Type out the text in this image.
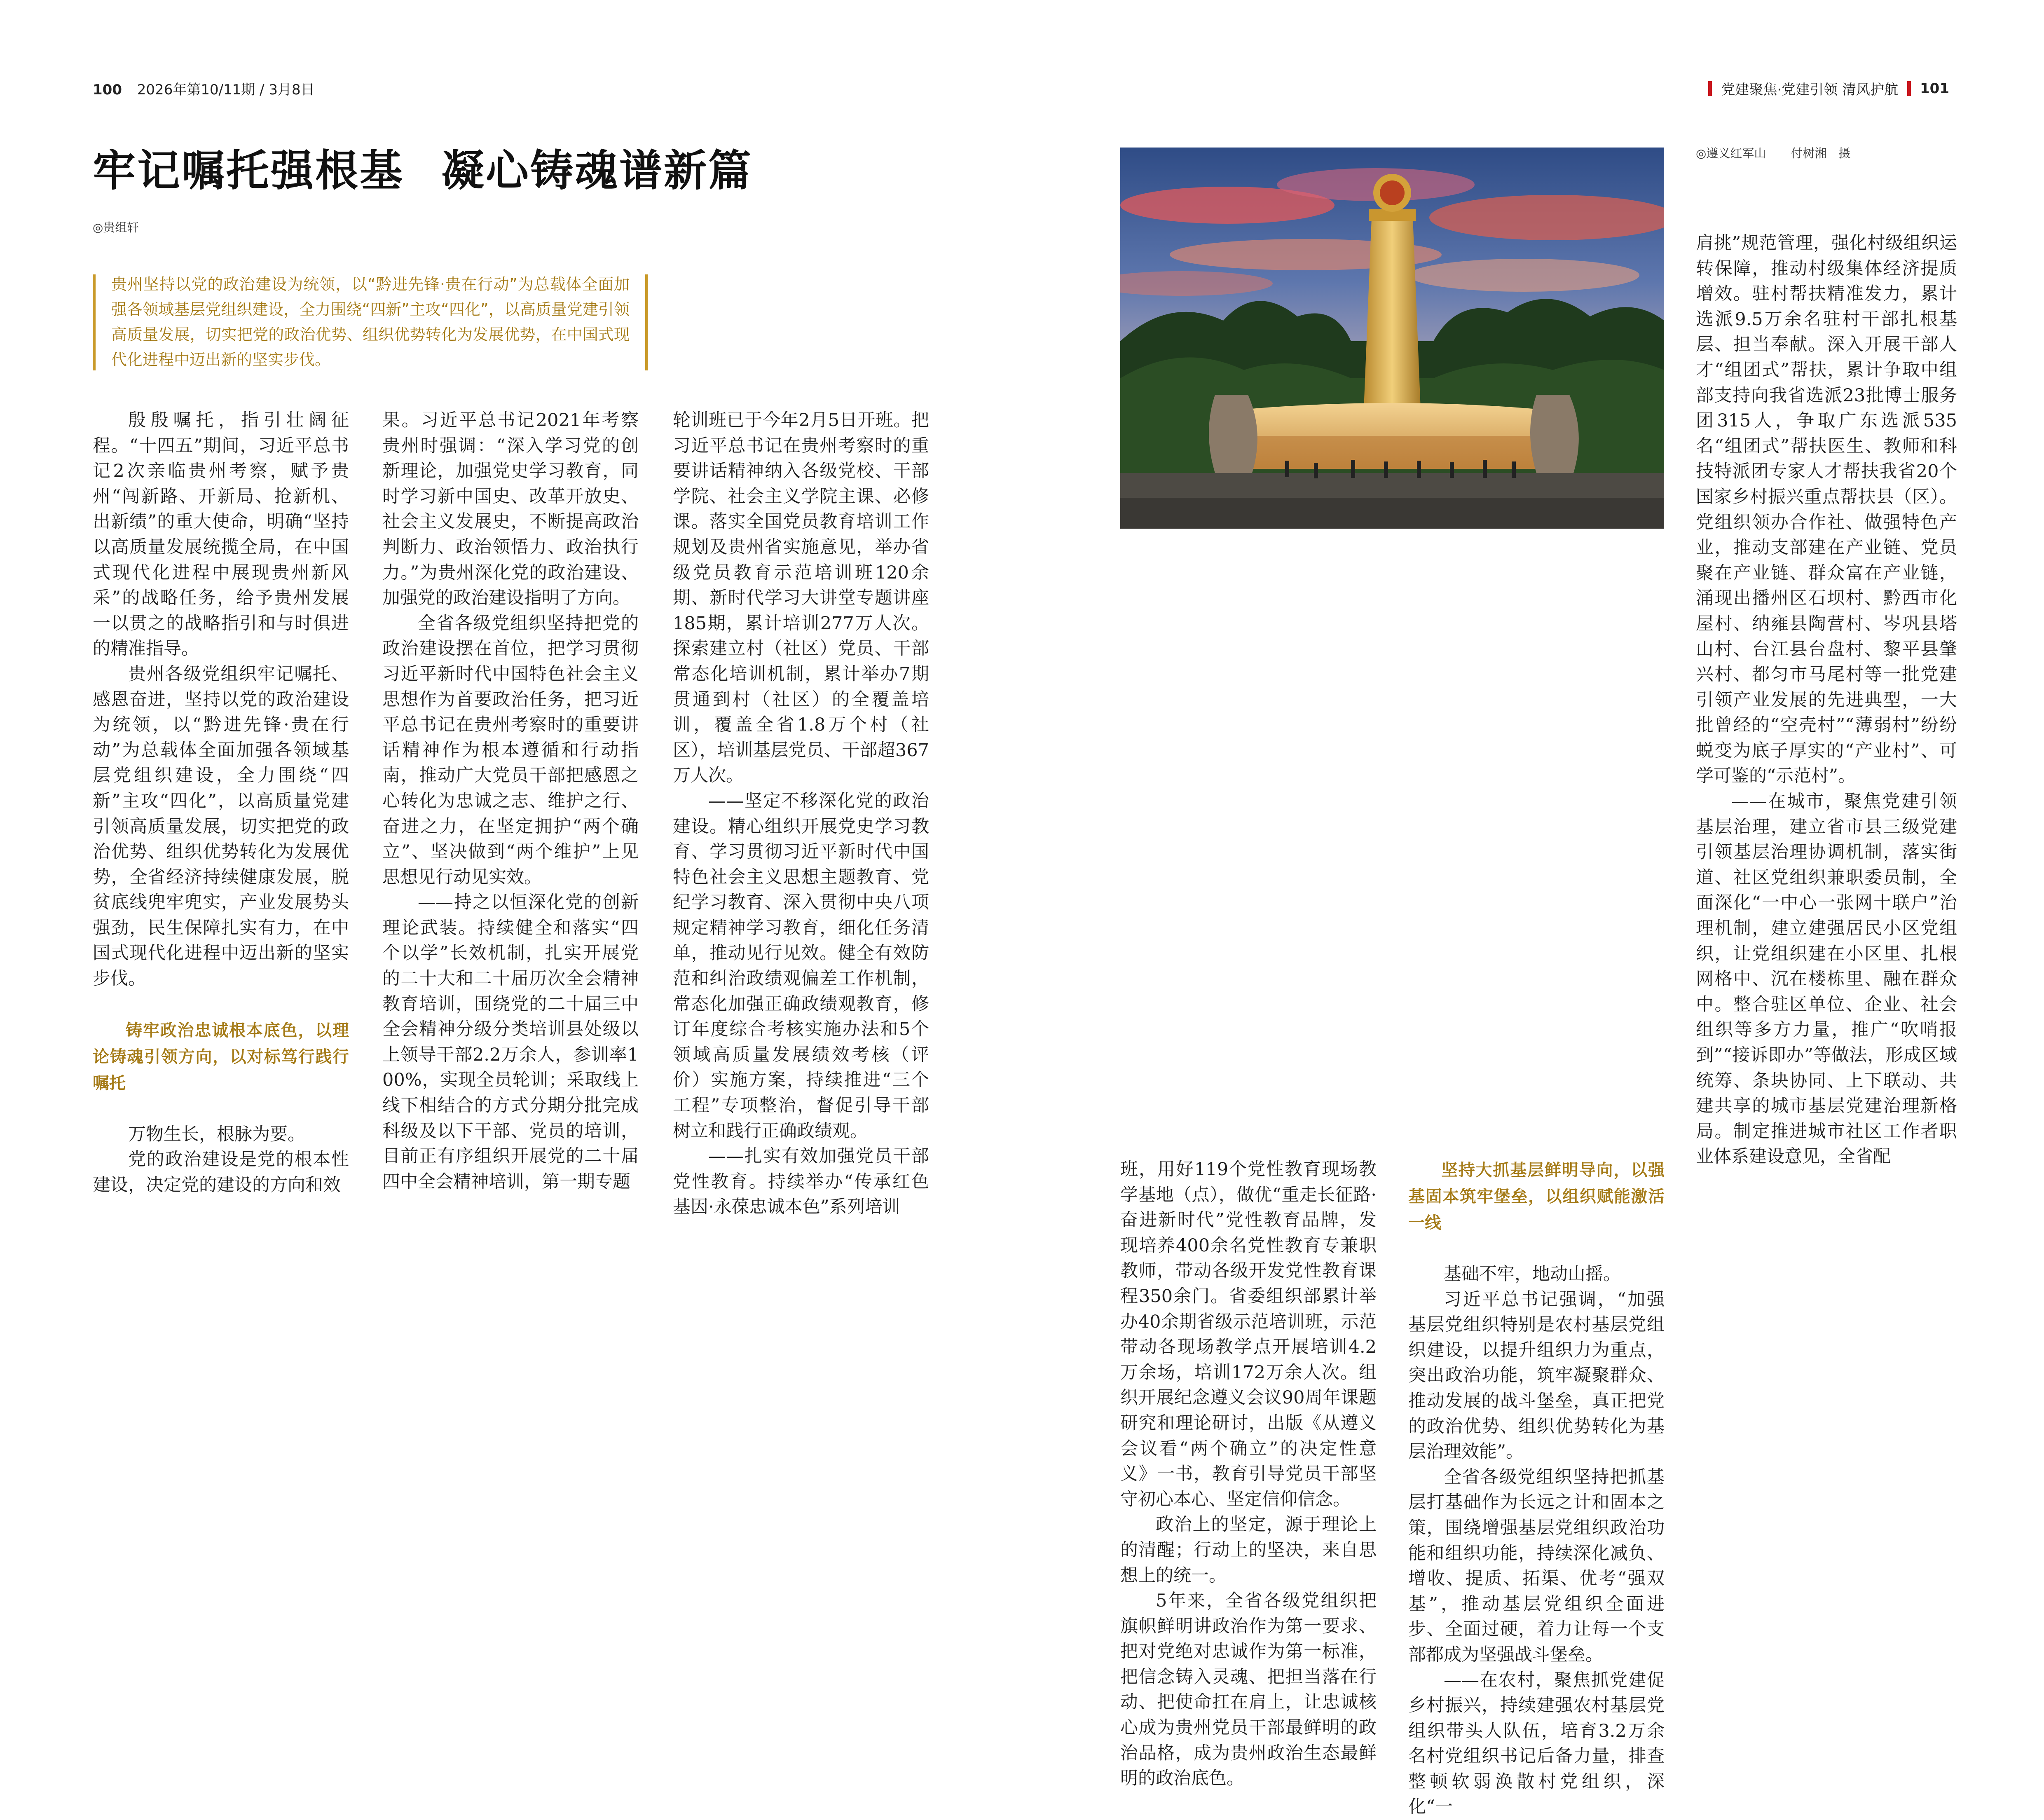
100 2026年第10/11期 / 3月8日	党建聚焦·党建引领 清风护航 101
牢记嘱托强根基 凝心铸魂谱新篇
◎贵组轩

贵州坚持以党的政治建设为统领，以“黔进先锋·贵在行动”为总载体全面加强各领域基层党组织建设，全力围绕“四新”主攻“四化”，以高质量党建引领高质量发展，切实把党的政治优势、组织优势转化为发展优势，在中国式现代化进程中迈出新的坚实步伐。

殷殷嘱托，指引壮阔征程。“十四五”期间，习近平总书记2次亲临贵州考察，赋予贵州“闯新路、开新局、抢新机、出新绩”的重大使命，明确“坚持以高质量发展统揽全局，在中国式现代化进程中展现贵州新风采”的战略任务，给予贵州发展一以贯之的战略指引和与时俱进的精准指导。

贵州各级党组织牢记嘱托、感恩奋进，坚持以党的政治建设为统领，以“黔进先锋·贵在行动”为总载体全面加强各领域基层党组织建设，全力围绕“四新”主攻“四化”，以高质量党建引领高质量发展，切实把党的政治优势、组织优势转化为发展优势，全省经济持续健康发展，脱贫底线兜牢兜实，产业发展势头强劲，民生保障扎实有力，在中国式现代化进程中迈出新的坚实步伐。

铸牢政治忠诚根本底色，以理论铸魂引领方向，以对标笃行践行嘱托

万物生长，根脉为要。

党的政治建设是党的根本性建设，决定党的建设的方向和效

果。习近平总书记2021年考察贵州时强调：“深入学习党的创新理论，加强党史学习教育，同时学习新中国史、改革开放史、社会主义发展史，不断提高政治判断力、政治领悟力、政治执行力。”为贵州深化党的政治建设、加强党的政治建设指明了方向。

全省各级党组织坚持把党的政治建设摆在首位，把学习贯彻习近平新时代中国特色社会主义思想作为首要政治任务，把习近平总书记在贵州考察时的重要讲话精神作为根本遵循和行动指南，推动广大党员干部把感恩之心转化为忠诚之志、维护之行、奋进之力，在坚定拥护“两个确立”、坚决做到“两个维护”上见思想见行动见实效。

——持之以恒深化党的创新理论武装。持续健全和落实“四个以学”长效机制，扎实开展党的二十大和二十届历次全会精神教育培训，围绕党的二十届三中全会精神分级分类培训县处级以上领导干部2.2万余人，参训率100%，实现全员轮训；采取线上线下相结合的方式分期分批完成科级及以下干部、党员的培训，目前正有序组织开展党的二十届四中全会精神培训，第一期专题

轮训班已于今年2月5日开班。把习近平总书记在贵州考察时的重要讲话精神纳入各级党校、干部学院、社会主义学院主课、必修课。落实全国党员教育培训工作规划及贵州省实施意见，举办省级党员教育示范培训班120余期、新时代学习大讲堂专题讲座185期，累计培训277万人次。探索建立村（社区）党员、干部常态化培训机制，累计举办7期贯通到村（社区）的全覆盖培训，覆盖全省1.8万个村（社区），培训基层党员、干部超367万人次。

——坚定不移深化党的政治建设。精心组织开展党史学习教育、学习贯彻习近平新时代中国特色社会主义思想主题教育、党纪学习教育、深入贯彻中央八项规定精神学习教育，细化任务清单，推动见行见效。健全有效防范和纠治政绩观偏差工作机制，常态化加强正确政绩观教育，修订年度综合考核实施办法和5个领域高质量发展绩效考核（评价）实施方案，持续推进“三个工程”专项整治，督促引导干部树立和践行正确政绩观。

——扎实有效加强党员干部党性教育。持续举办“传承红色基因·永葆忠诚本色”系列培训

◎遵义红军山 付树湘　摄

班，用好119个党性教育现场教学基地（点），做优“重走长征路·奋进新时代”党性教育品牌，发现培养400余名党性教育专兼职教师，带动各级开发党性教育课程350余门。省委组织部累计举办40余期省级示范培训班，示范带动各现场教学点开展培训4.2万余场，培训172万余人次。组织开展纪念遵义会议90周年课题研究和理论研讨，出版《从遵义会议看“两个确立”的决定性意义》一书，教育引导党员干部坚守初心本心、坚定信仰信念。

政治上的坚定，源于理论上的清醒；行动上的坚决，来自思想上的统一。

5年来，全省各级党组织把旗帜鲜明讲政治作为第一要求、把对党绝对忠诚作为第一标准，把信念铸入灵魂、把担当落在行动、把使命扛在肩上，让忠诚核心成为贵州党员干部最鲜明的政治品格，成为贵州政治生态最鲜明的政治底色。

坚持大抓基层鲜明导向，以强基固本筑牢堡垒，以组织赋能激活一线

基础不牢，地动山摇。

习近平总书记强调，“加强基层党组织特别是农村基层党组织建设，以提升组织力为重点，突出政治功能，筑牢凝聚群众、推动发展的战斗堡垒，真正把党的政治优势、组织优势转化为基层治理效能”。

全省各级党组织坚持把抓基层打基础作为长远之计和固本之策，围绕增强基层党组织政治功能和组织功能，持续深化减负、增收、提质、拓渠、优考“强双基”，推动基层党组织全面进步、全面过硬，着力让每一个支部都成为坚强战斗堡垒。

——在农村，聚焦抓党建促乡村振兴，持续建强农村基层党组织带头人队伍，培育3.2万余名村党组织书记后备力量，排查整顿软弱涣散村党组织，深化“一

肩挑”规范管理，强化村级组织运转保障，推动村级集体经济提质增效。驻村帮扶精准发力，累计选派9.5万余名驻村干部扎根基层、担当奉献。深入开展干部人才“组团式”帮扶，累计争取中组部支持向我省选派23批博士服务团315人，争取广东选派535名“组团式”帮扶医生、教师和科技特派团专家人才帮扶我省20个国家乡村振兴重点帮扶县（区）。党组织领办合作社、做强特色产业，推动支部建在产业链、党员聚在产业链、群众富在产业链，涌现出播州区石坝村、黔西市化屋村、纳雍县陶营村、岑巩县塔山村、台江县台盘村、黎平县肇兴村、都匀市马尾村等一批党建引领产业发展的先进典型，一大批曾经的“空壳村”“薄弱村”纷纷蜕变为底子厚实的“产业村”、可学可鉴的“示范村”。

——在城市，聚焦党建引领基层治理，建立省市县三级党建引领基层治理协调机制，落实街道、社区党组织兼职委员制，全面深化“一中心一张网十联户”治理机制，建立建强居民小区党组织，让党组织建在小区里、扎根网格中、沉在楼栋里、融在群众中。整合驻区单位、企业、社会组织等多方力量，推广“吹哨报到”“接诉即办”等做法，形成区域统筹、条块协同、上下联动、共建共享的城市基层党建治理新格局。制定推进城市社区工作者职业体系建设意见，全省配
